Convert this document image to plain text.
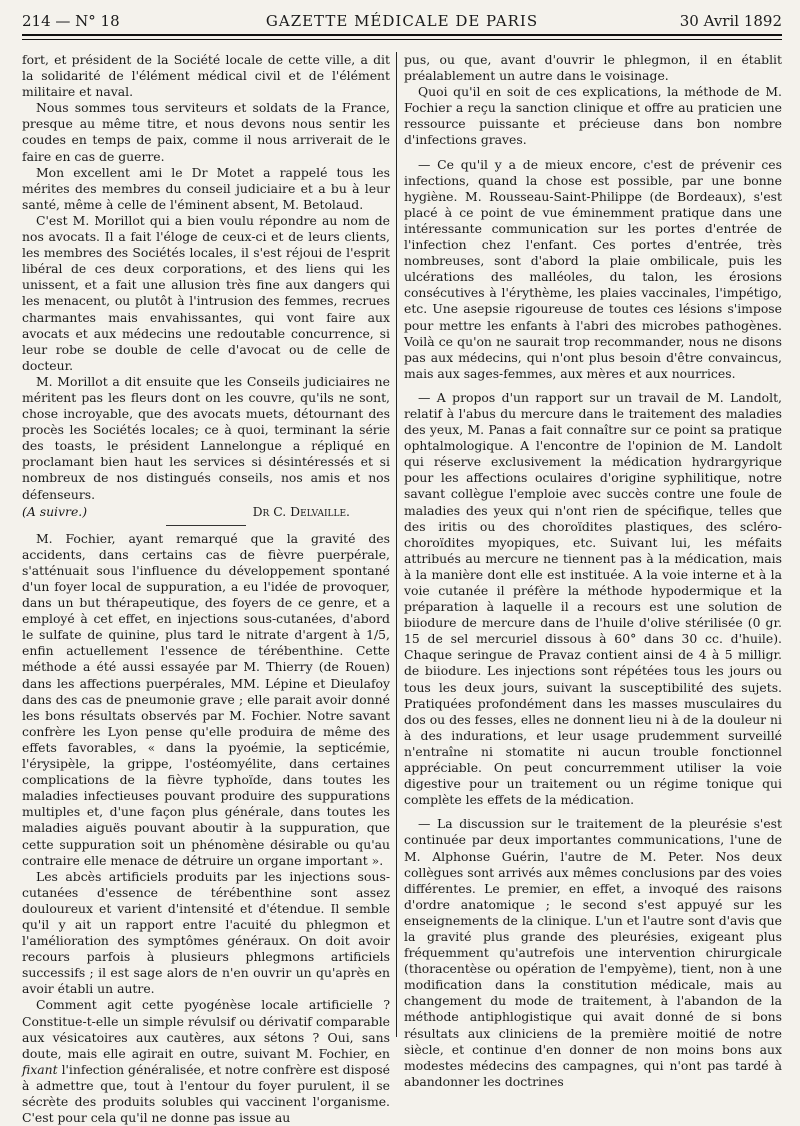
214 — N° 18	GAZETTE MÉDICALE DE PARIS	30 Avril 1892

fort, et président de la Société locale de cette ville, a dit la solidarité de l'élément médical civil et de l'élément militaire et naval.

Nous sommes tous serviteurs et soldats de la France, presque au même titre, et nous devons nous sentir les coudes en temps de paix, comme il nous arriverait de le faire en cas de guerre.

Mon excellent ami le Dr Motet a rappelé tous les mérites des membres du conseil judiciaire et a bu à leur santé, même à celle de l'éminent absent, M. Betolaud.

C'est M. Morillot qui a bien voulu répondre au nom de nos avocats. Il a fait l'éloge de ceux-ci et de leurs clients, les membres des Sociétés locales, il s'est réjoui de l'esprit libéral de ces deux corporations, et des liens qui les unissent, et a fait une allusion très fine aux dangers qui les menacent, ou plutôt à l'intrusion des femmes, recrues charmantes mais envahissantes, qui vont faire aux avocats et aux médecins une redoutable concurrence, si leur robe se double de celle d'avocat ou de celle de docteur.

M. Morillot a dit ensuite que les Conseils judiciaires ne méritent pas les fleurs dont on les couvre, qu'ils ne sont, chose incroyable, que des avocats muets, détournant des procès les Sociétés locales; ce à quoi, terminant la série des toasts, le président Lannelongue a répliqué en proclamant bien haut les services si désintéressés et si nombreux de nos distingués conseils, nos amis et nos défenseurs.

(A suivre.)	Dr C. Delvaille.

M. Fochier, ayant remarqué que la gravité des accidents, dans certains cas de fièvre puerpérale, s'atténuait sous l'influence du développement spontané d'un foyer local de suppuration, a eu l'idée de provoquer, dans un but thérapeutique, des foyers de ce genre, et a employé à cet effet, en injections sous-cutanées, d'abord le sulfate de quinine, plus tard le nitrate d'argent à 1/5, enfin actuellement l'essence de térébenthine. Cette méthode a été aussi essayée par M. Thierry (de Rouen) dans les affections puerpérales, MM. Lépine et Dieulafoy dans des cas de pneumonie grave ; elle parait avoir donné les bons résultats observés par M. Fochier. Notre savant confrère les Lyon pense qu'elle produira de même des effets favorables, « dans la pyoémie, la septicémie, l'érysipèle, la grippe, l'ostéomyélite, dans certaines complications de la fièvre typhoïde, dans toutes les maladies infectieuses pouvant produire des suppurations multiples et, d'une façon plus générale, dans toutes les maladies aiguës pouvant aboutir à la suppuration, que cette suppuration soit un phénomène désirable ou qu'au contraire elle menace de détruire un organe important ».

Les abcès artificiels produits par les injections sous-cutanées d'essence de térébenthine sont assez douloureux et varient d'intensité et d'étendue. Il semble qu'il y ait un rapport entre l'acuité du phlegmon et l'amélioration des symptômes généraux. On doit avoir recours parfois à plusieurs phlegmons artificiels successifs ; il est sage alors de n'en ouvrir un qu'après en avoir établi un autre.

Comment agit cette pyogénèse locale artificielle ? Constitue-t-elle un simple révulsif ou dérivatif comparable aux vésicatoires aux cautères, aux sétons ? Oui, sans doute, mais elle agirait en outre, suivant M. Fochier, en fixant l'infection généralisée, et notre confrère est disposé à admettre que, tout à l'entour du foyer purulent, il se sécrète des produits solubles qui vaccinent l'organisme. C'est pour cela qu'il ne donne pas issue au

pus, ou que, avant d'ouvrir le phlegmon, il en établit préalablement un autre dans le voisinage.

Quoi qu'il en soit de ces explications, la méthode de M. Fochier a reçu la sanction clinique et offre au praticien une ressource puissante et précieuse dans bon nombre d'infections graves.

— Ce qu'il y a de mieux encore, c'est de prévenir ces infections, quand la chose est possible, par une bonne hygiène. M. Rousseau-Saint-Philippe (de Bordeaux), s'est placé à ce point de vue éminemment pratique dans une intéressante communication sur les portes d'entrée de l'infection chez l'enfant. Ces portes d'entrée, très nombreuses, sont d'abord la plaie ombilicale, puis les ulcérations des malléoles, du talon, les érosions consécutives à l'érythème, les plaies vaccinales, l'impétigo, etc. Une asepsie rigoureuse de toutes ces lésions s'impose pour mettre les enfants à l'abri des microbes pathogènes. Voilà ce qu'on ne saurait trop recommander, nous ne disons pas aux médecins, qui n'ont plus besoin d'être convaincus, mais aux sages-femmes, aux mères et aux nourrices.

— A propos d'un rapport sur un travail de M. Landolt, relatif à l'abus du mercure dans le traitement des maladies des yeux, M. Panas a fait connaître sur ce point sa pratique ophtalmologique. A l'encontre de l'opinion de M. Landolt qui réserve exclusivement la médication hydrargyrique pour les affections oculaires d'origine syphilitique, notre savant collègue l'emploie avec succès contre une foule de maladies des yeux qui n'ont rien de spécifique, telles que des iritis ou des choroïdites plastiques, des scléro-choroïdites myopiques, etc. Suivant lui, les méfaits attribués au mercure ne tiennent pas à la médication, mais à la manière dont elle est instituée. A la voie interne et à la voie cutanée il préfère la méthode hypodermique et la préparation à laquelle il a recours est une solution de biiodure de mercure dans de l'huile d'olive stérilisée (0 gr. 15 de sel mercuriel dissous à 60° dans 30 cc. d'huile). Chaque seringue de Pravaz contient ainsi de 4 à 5 milligr. de biiodure. Les injections sont répétées tous les jours ou tous les deux jours, suivant la susceptibilité des sujets. Pratiquées profondément dans les masses musculaires du dos ou des fesses, elles ne donnent lieu ni à de la douleur ni à des indurations, et leur usage prudemment surveillé n'entraîne ni stomatite ni aucun trouble fonctionnel appréciable. On peut concurremment utiliser la voie digestive pour un traitement ou un régime tonique qui complète les effets de la médication.

— La discussion sur le traitement de la pleurésie s'est continuée par deux importantes communications, l'une de M. Alphonse Guérin, l'autre de M. Peter. Nos deux collègues sont arrivés aux mêmes conclusions par des voies différentes. Le premier, en effet, a invoqué des raisons d'ordre anatomique ; le second s'est appuyé sur les enseignements de la clinique. L'un et l'autre sont d'avis que la gravité plus grande des pleurésies, exigeant plus fréquemment qu'autrefois une intervention chirurgicale (thoracentèse ou opération de l'empyème), tient, non à une modification dans la constitution médicale, mais au changement du mode de traitement, à l'abandon de la méthode antiphlogistique qui avait donné de si bons résultats aux cliniciens de la première moitié de notre siècle, et continue d'en donner de non moins bons aux modestes médecins des campagnes, qui n'ont pas tardé à abandonner les doctrines
